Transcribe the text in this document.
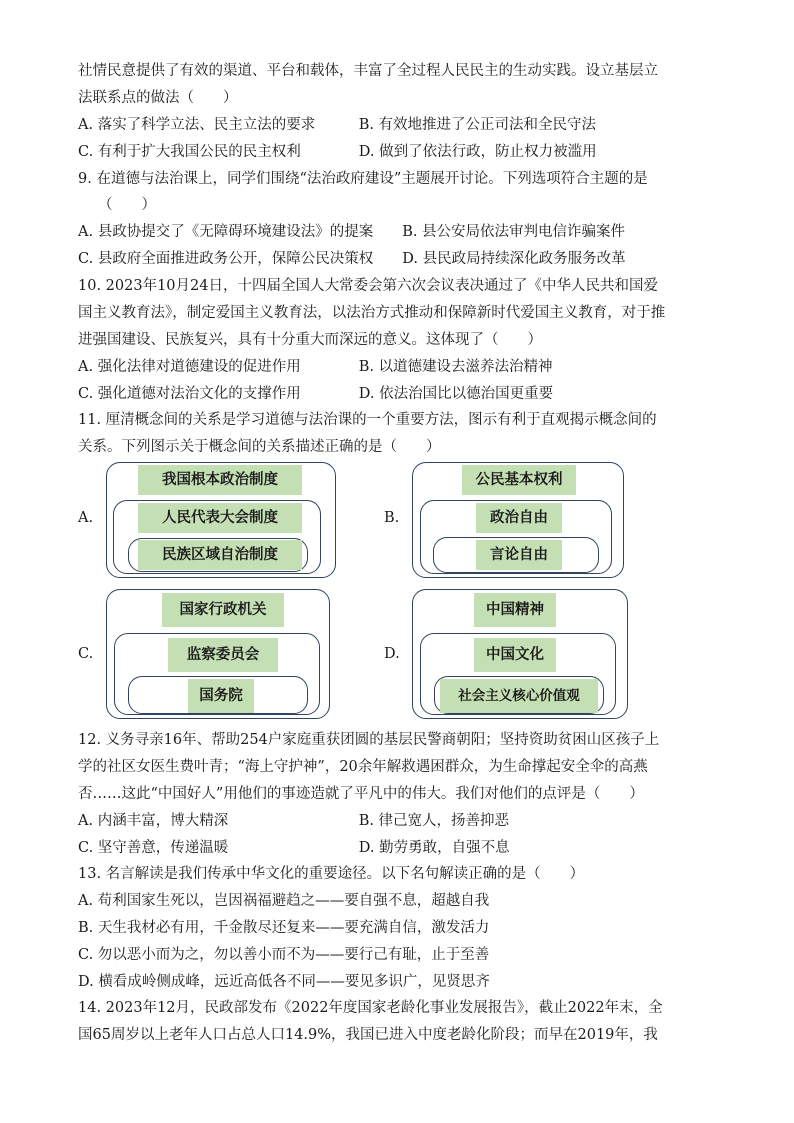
社情民意提供了有效的渠道、平台和载体，丰富了全过程人民民主的生动实践。设立基层立
法联系点的做法（　　）
A. 落实了科学立法、民主立法的要求　　　B. 有效地推进了公正司法和全民守法
C. 有利于扩大我国公民的民主权利　　　　D. 做到了依法行政，防止权力被滥用
9. 在道德与法治课上，同学们围绕“法治政府建设”主题展开讨论。下列选项符合主题的是
（　　）
A. 县政协提交了《无障碍环境建设法》的提案　　B. 县公安局依法审判电信诈骗案件
C. 县政府全面推进政务公开，保障公民决策权　　D. 县民政局持续深化政务服务改革
10. 2023年10月24日，十四届全国人大常委会第六次会议表决通过了《中华人民共和国爱
国主义教育法》，制定爱国主义教育法，以法治方式推动和保障新时代爱国主义教育，对于推
进强国建设、民族复兴，具有十分重大而深远的意义。这体现了（　　）
A. 强化法律对道德建设的促进作用　　　　B. 以道德建设去滋养法治精神
C. 强化道德对法治文化的支撑作用　　　　D. 依法治国比以德治国更重要
11. 厘清概念间的关系是学习道德与法治课的一个重要方法，图示有利于直观揭示概念间的
关系。下列图示关于概念间的关系描述正确的是（　　）
A.
我国根本政治制度
人民代表大会制度
民族区域自治制度
B.
公民基本权利
政治自由
言论自由
C.
国家行政机关
监察委员会
国务院
D.
中国精神
中国文化
社会主义核心价值观
12. 义务寻亲16年、帮助254户家庭重获团圆的基层民警商朝阳；坚持资助贫困山区孩子上
学的社区女医生费叶青；“海上守护神”，20余年解救遇困群众，为生命撑起安全伞的高燕
否……这此“中国好人”用他们的事迹造就了平凡中的伟大。我们对他们的点评是（　　）
A. 内涵丰富，博大精深　　　　　　　　　B. 律己宽人，扬善抑恶
C. 坚守善意，传递温暖　　　　　　　　　D. 勤劳勇敢，自强不息
13. 名言解读是我们传承中华文化的重要途径。以下名句解读正确的是（　　）
A. 苟利国家生死以，岂因祸福避趋之——要自强不息，超越自我
B. 天生我材必有用，千金散尽还复来——要充满自信，激发活力
C. 勿以恶小而为之，勿以善小而不为——要行己有耻，止于至善
D. 横看成岭侧成峰，远近高低各不同——要见多识广，见贤思齐
14. 2023年12月，民政部发布《2022年度国家老龄化事业发展报告》，截止2022年末，全
国65周岁以上老年人口占总人口14.9%，我国已进入中度老龄化阶段；而早在2019年，我
